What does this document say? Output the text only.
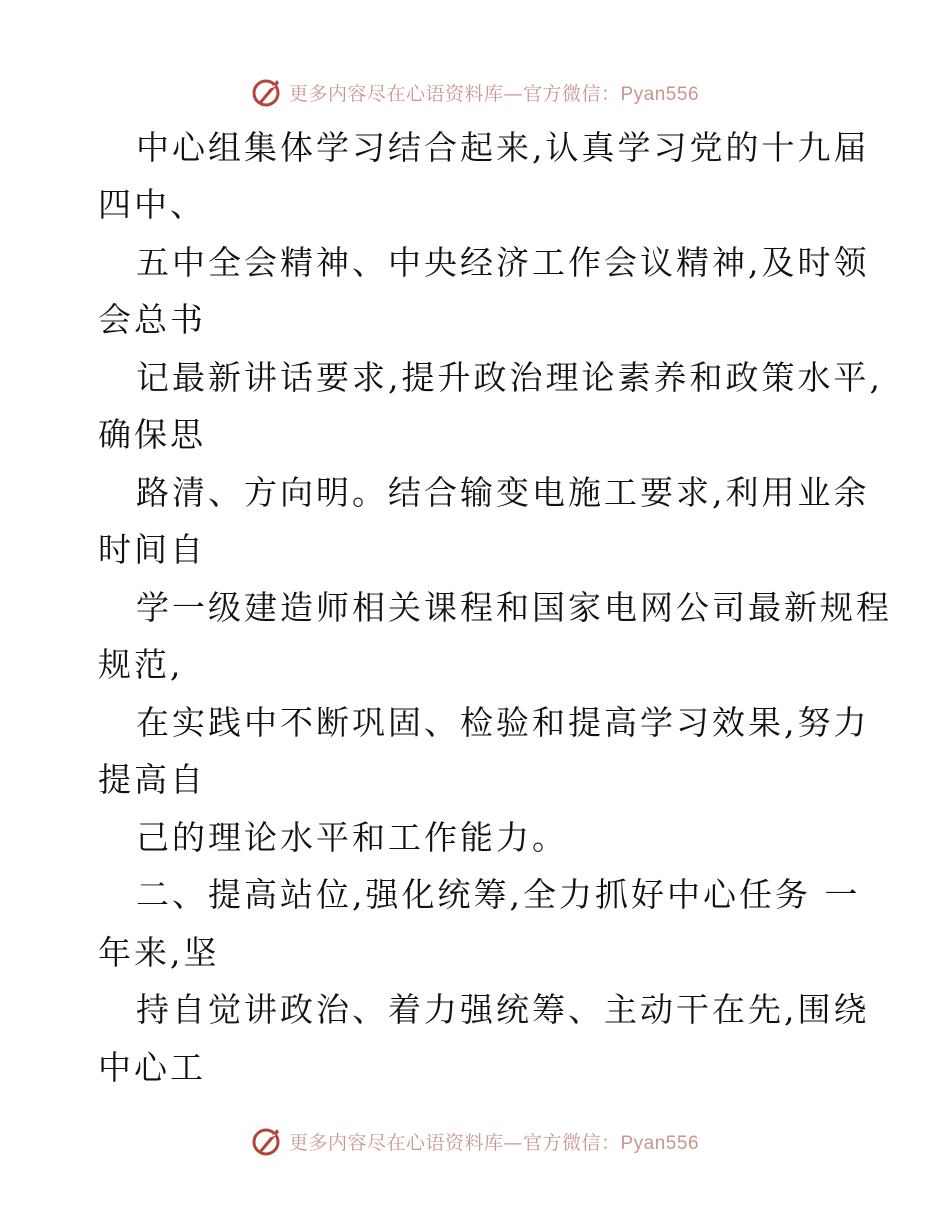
更多内容尽在心语资料库—官方微信：Pyan556
中心组集体学习结合起来,认真学习党的十九届
四中、
五中全会精神、中央经济工作会议精神,及时领
会总书
记最新讲话要求,提升政治理论素养和政策水平,
确保思
路清、方向明。结合输变电施工要求,利用业余
时间自
学一级建造师相关课程和国家电网公司最新规程
规范,
在实践中不断巩固、检验和提高学习效果,努力
提高自
己的理论水平和工作能力。
二、提高站位,强化统筹,全力抓好中心任务 一
年来,坚
持自觉讲政治、着力强统筹、主动干在先,围绕
中心工
更多内容尽在心语资料库—官方微信：Pyan556
